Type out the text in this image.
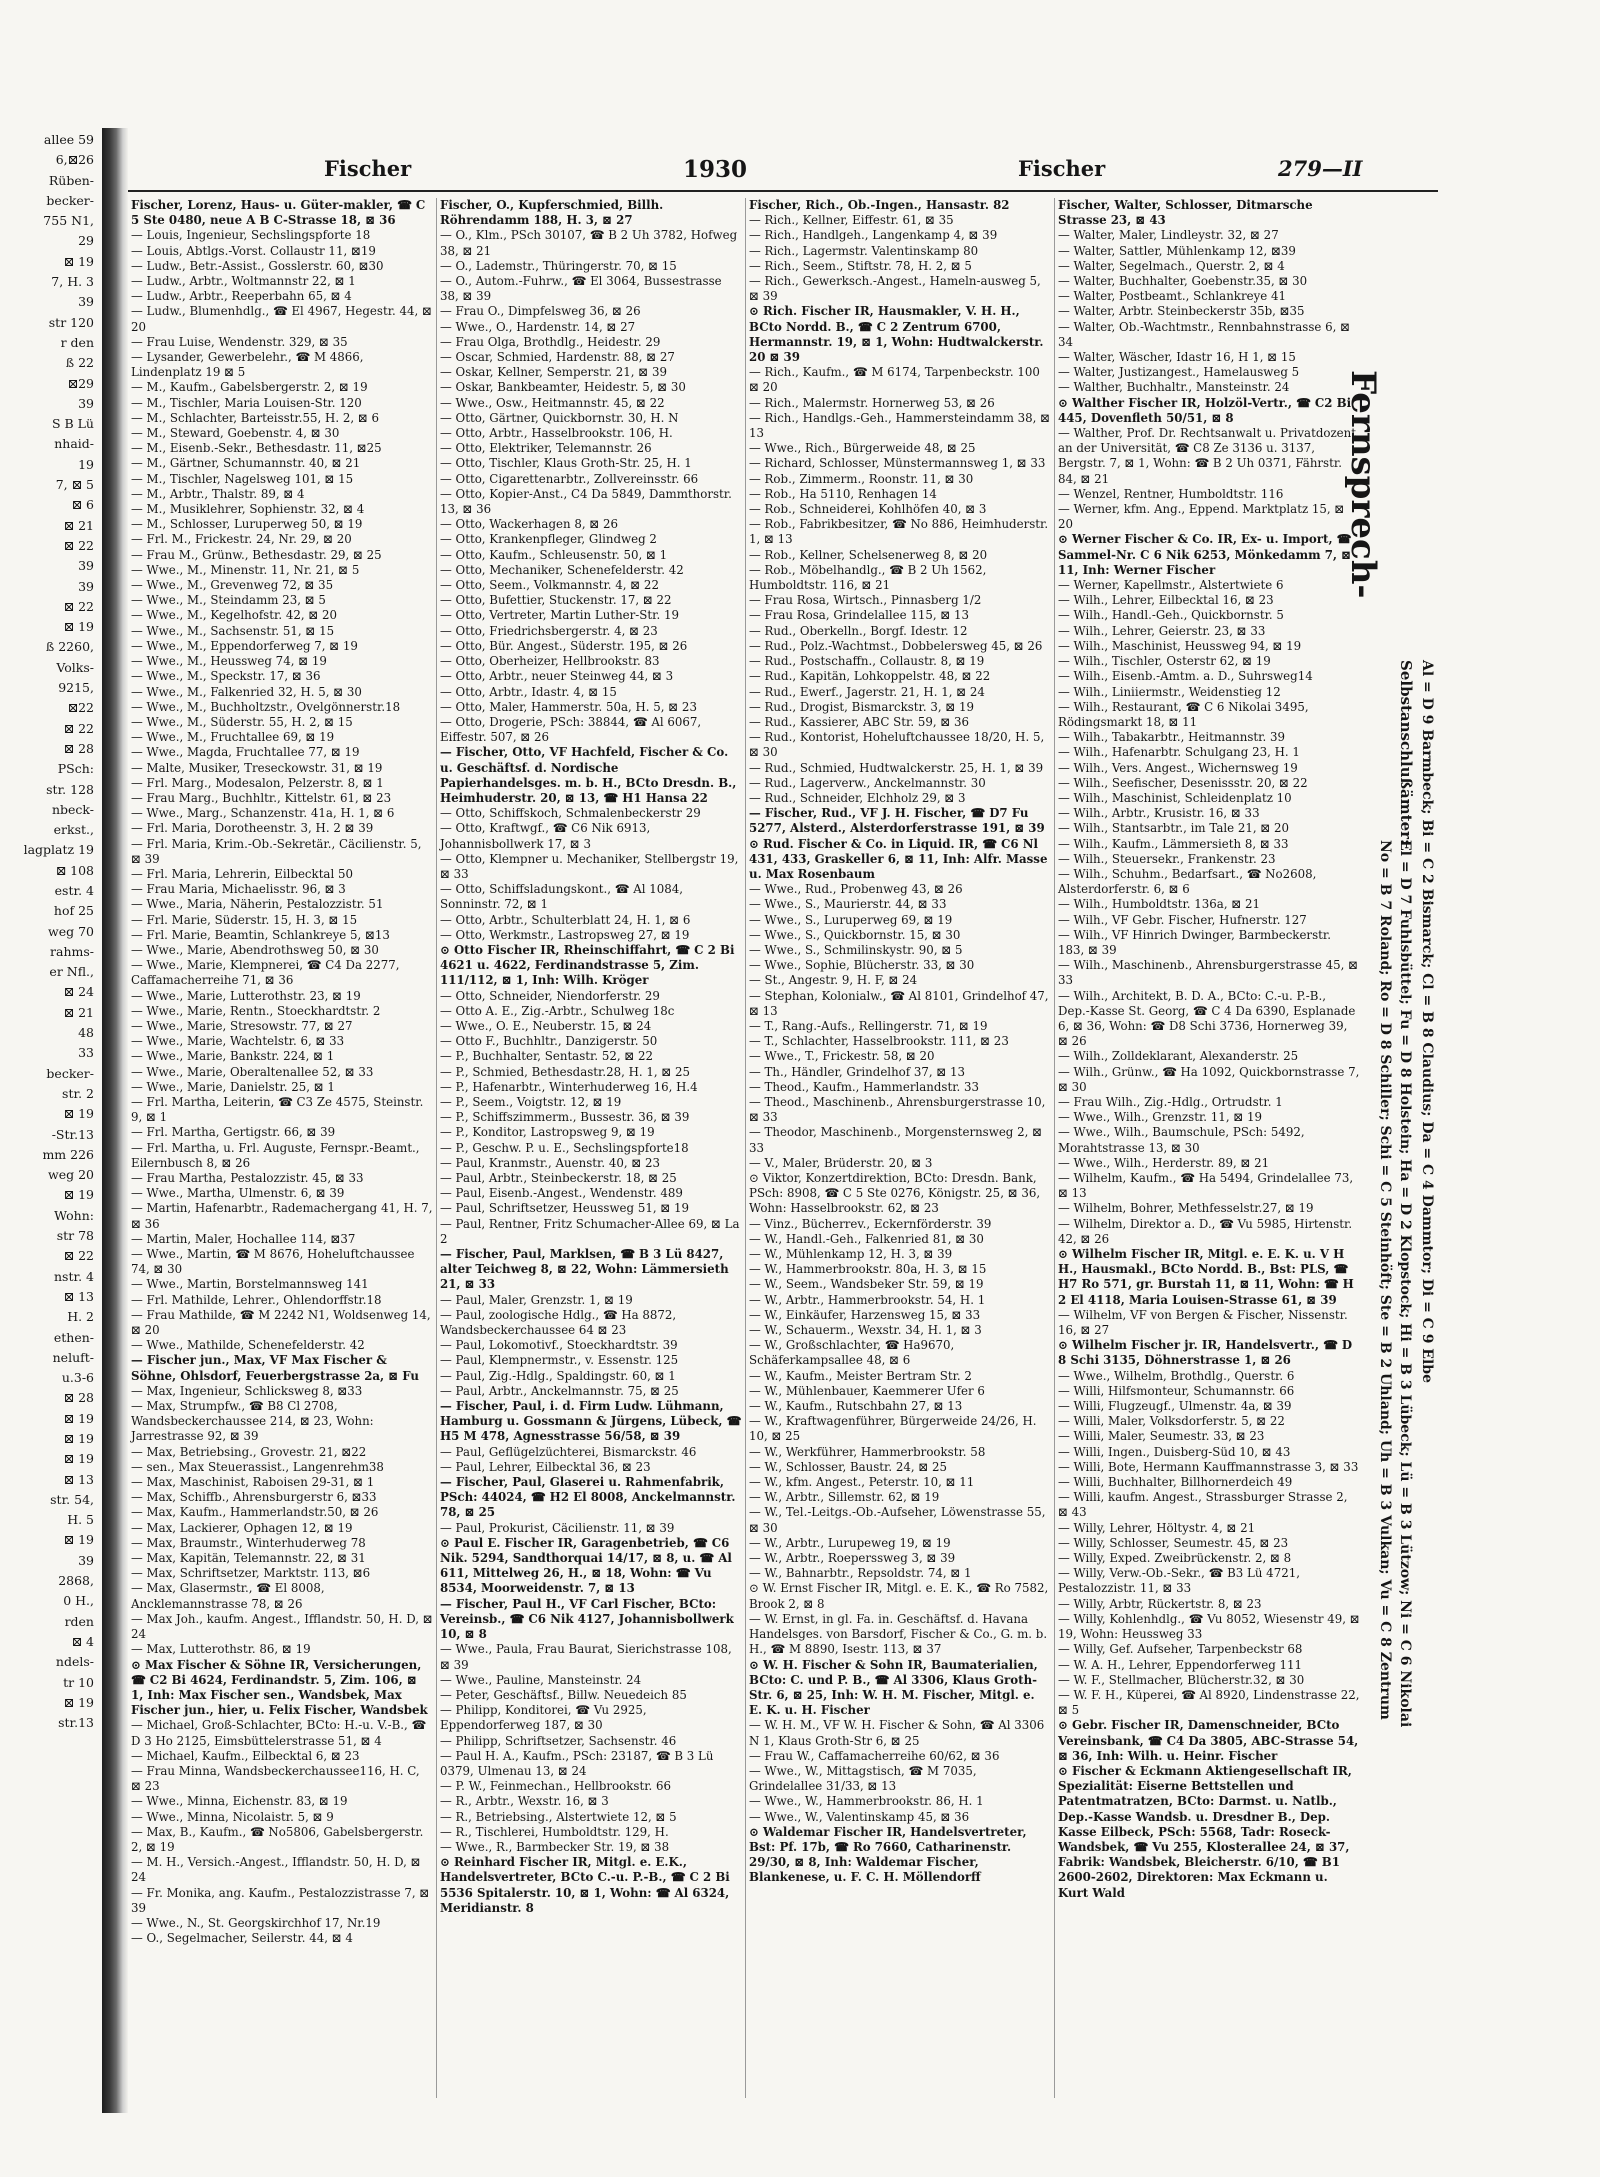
allee 59
6,⊠26
Rüben-
becker-
755 N1,
29
⊠ 19
7, H. 3
39
str 120
r den
ß 22
⊠29
39
S B Lü
nhaid-
19
7, ⊠ 5
⊠ 6
⊠ 21
⊠ 22
39
39
⊠ 22
⊠ 19
ß 2260,
Volks-
9215,
⊠22
⊠ 22
⊠ 28
PSch:
str. 128
nbeck-
erkst.,
lagplatz 19
⊠ 108
estr. 4
hof 25
weg 70
rahms-
er Nfl.,
⊠ 24
⊠ 21
48
33
becker-
str. 2
⊠ 19
-Str.13
mm 226
weg 20
⊠ 19
Wohn:
str 78
⊠ 22
nstr. 4
⊠ 13
H. 2
ethen-
neluft-
u.3-6
⊠ 28
⊠ 19
⊠ 19
⊠ 19
⊠ 13
str. 54,
H. 5
⊠ 19
39
2868,
0 H.,
rden
⊠ 4
ndels-
tr 10
⊠ 19
str.13
Fischer	1930	Fischer	279—II

Fischer, Lorenz, Haus- u. Güter-makler, ☎ C 5 Ste 0480, neue A B C-Strasse 18, ⊠ 36

— Louis, Ingenieur, Sechslingspforte 18

— Louis, Abtlgs.-Vorst. Collaustr 11, ⊠19

— Ludw., Betr.-Assist., Gosslerstr. 60, ⊠30

— Ludw., Arbtr., Woltmannstr 22, ⊠ 1

— Ludw., Arbtr., Reeperbahn 65, ⊠ 4

— Ludw., Blumenhdlg., ☎ El 4967, Hegestr. 44, ⊠ 20

— Frau Luise, Wendenstr. 329, ⊠ 35

— Lysander, Gewerbelehr., ☎ M 4866, Lindenplatz 19 ⊠ 5

— M., Kaufm., Gabelsbergerstr. 2, ⊠ 19

— M., Tischler, Maria Louisen-Str. 120

— M., Schlachter, Barteisstr.55, H. 2, ⊠ 6

— M., Steward, Goebenstr. 4, ⊠ 30

— M., Eisenb.-Sekr., Bethesdastr. 11, ⊠25

— M., Gärtner, Schumannstr. 40, ⊠ 21

— M., Tischler, Nagelsweg 101, ⊠ 15

— M., Arbtr., Thalstr. 89, ⊠ 4

— M., Musiklehrer, Sophienstr. 32, ⊠ 4

— M., Schlosser, Luruperweg 50, ⊠ 19

— Frl. M., Frickestr. 24, Nr. 29, ⊠ 20

— Frau M., Grünw., Bethesdastr. 29, ⊠ 25

— Wwe., M., Minenstr. 11, Nr. 21, ⊠ 5

— Wwe., M., Grevenweg 72, ⊠ 35

— Wwe., M., Steindamm 23, ⊠ 5

— Wwe., M., Kegelhofstr. 42, ⊠ 20

— Wwe., M., Sachsenstr. 51, ⊠ 15

— Wwe., M., Eppendorferweg 7, ⊠ 19

— Wwe., M., Heussweg 74, ⊠ 19

— Wwe., M., Speckstr. 17, ⊠ 36

— Wwe., M., Falkenried 32, H. 5, ⊠ 30

— Wwe., M., Buchholtzstr., Ovelgönnerstr.18

— Wwe., M., Süderstr. 55, H. 2, ⊠ 15

— Wwe., M., Fruchtallee 69, ⊠ 19

— Wwe., Magda, Fruchtallee 77, ⊠ 19

— Malte, Musiker, Treseckowstr. 31, ⊠ 19

— Frl. Marg., Modesalon, Pelzerstr. 8, ⊠ 1

— Frau Marg., Buchhltr., Kittelstr. 61, ⊠ 23

— Wwe., Marg., Schanzenstr. 41a, H. 1, ⊠ 6

— Frl. Maria, Dorotheenstr. 3, H. 2 ⊠ 39

— Frl. Maria, Krim.-Ob.-Sekretär., Cäcilienstr. 5, ⊠ 39

— Frl. Maria, Lehrerin, Eilbecktal 50

— Frau Maria, Michaelisstr. 96, ⊠ 3

— Wwe., Maria, Näherin, Pestalozzistr. 51

— Frl. Marie, Süderstr. 15, H. 3, ⊠ 15

— Frl. Marie, Beamtin, Schlankreye 5, ⊠13

— Wwe., Marie, Abendrothsweg 50, ⊠ 30

— Wwe., Marie, Klempnerei, ☎ C4 Da 2277, Caffamacherreihe 71, ⊠ 36

— Wwe., Marie, Lutterothstr. 23, ⊠ 19

— Wwe., Marie, Rentn., Stoeckhardtstr. 2

— Wwe., Marie, Stresowstr. 77, ⊠ 27

— Wwe., Marie, Wachtelstr. 6, ⊠ 33

— Wwe., Marie, Bankstr. 224, ⊠ 1

— Wwe., Marie, Oberaltenallee 52, ⊠ 33

— Wwe., Marie, Danielstr. 25, ⊠ 1

— Frl. Martha, Leiterin, ☎ C3 Ze 4575, Steinstr. 9, ⊠ 1

— Frl. Martha, Gertigstr. 66, ⊠ 39

— Frl. Martha, u. Frl. Auguste, Fernspr.-Beamt., Eilernbusch 8, ⊠ 26

— Frau Martha, Pestalozzistr. 45, ⊠ 33

— Wwe., Martha, Ulmenstr. 6, ⊠ 39

— Martin, Hafenarbtr., Rademachergang 41, H. 7, ⊠ 36

— Martin, Maler, Hochallee 114, ⊠37

— Wwe., Martin, ☎ M 8676, Hoheluftchaussee 74, ⊠ 30

— Wwe., Martin, Borstelmannsweg 141

— Frl. Mathilde, Lehrer., Ohlendorffstr.18

— Frau Mathilde, ☎ M 2242 N1, Woldsenweg 14, ⊠ 20

— Wwe., Mathilde, Schenefelderstr. 42

— Fischer jun., Max, VF Max Fischer & Söhne, Ohlsdorf, Feuerbergstrasse 2a, ⊠ Fu

— Max, Ingenieur, Schlicksweg 8, ⊠33

— Max, Strumpfw., ☎ B8 Cl 2708, Wandsbeckerchaussee 214, ⊠ 23, Wohn: Jarrestrasse 92, ⊠ 39

— Max, Betriebsing., Grovestr. 21, ⊠22

— sen., Max Steuerassist., Langenrehm38

— Max, Maschinist, Raboisen 29-31, ⊠ 1

— Max, Schiffb., Ahrensburgerstr 6, ⊠33

— Max, Kaufm., Hammerlandstr.50, ⊠ 26

— Max, Lackierer, Ophagen 12, ⊠ 19

— Max, Braumstr., Winterhuderweg 78

— Max, Kapitän, Telemannstr. 22, ⊠ 31

— Max, Schriftsetzer, Marktstr. 113, ⊠6

— Max, Glasermstr., ☎ El 8008, Ancklemannstrasse 78, ⊠ 26

— Max Joh., kaufm. Angest., Ifflandstr. 50, H. D, ⊠ 24

— Max, Lutterothstr. 86, ⊠ 19

⊙ Max Fischer & Söhne IR, Versicherungen, ☎ C2 Bi 4624, Ferdinandstr. 5, Zim. 106, ⊠ 1, Inh: Max Fischer sen., Wandsbek, Max Fischer jun., hier, u. Felix Fischer, Wandsbek

— Michael, Groß-Schlachter, BCto: H.-u. V.-B., ☎ D 3 Ho 2125, Eimsbüttelerstrasse 51, ⊠ 4

— Michael, Kaufm., Eilbecktal 6, ⊠ 23

— Frau Minna, Wandsbeckerchaussee116, H. C, ⊠ 23

— Wwe., Minna, Eichenstr. 83, ⊠ 19

— Wwe., Minna, Nicolaistr. 5, ⊠ 9

— Max, B., Kaufm., ☎ No5806, Gabelsbergerstr. 2, ⊠ 19

— M. H., Versich.-Angest., Ifflandstr. 50, H. D, ⊠ 24

— Fr. Monika, ang. Kaufm., Pestalozzistrasse 7, ⊠ 39

— Wwe., N., St. Georgskirchhof 17, Nr.19

— O., Segelmacher, Seilerstr. 44, ⊠ 4

Fischer, O., Kupferschmied, Billh. Röhrendamm 188, H. 3, ⊠ 27

— O., Klm., PSch 30107, ☎ B 2 Uh 3782, Hofweg 38, ⊠ 21

— O., Lademstr., Thüringerstr. 70, ⊠ 15

— O., Autom.-Fuhrw., ☎ El 3064, Bussestrasse 38, ⊠ 39

— Frau O., Dimpfelsweg 36, ⊠ 26

— Wwe., O., Hardenstr. 14, ⊠ 27

— Frau Olga, Brothdlg., Heidestr. 29

— Oscar, Schmied, Hardenstr. 88, ⊠ 27

— Oskar, Kellner, Semperstr. 21, ⊠ 39

— Oskar, Bankbeamter, Heidestr. 5, ⊠ 30

— Wwe., Osw., Heitmannstr. 45, ⊠ 22

— Otto, Gärtner, Quickbornstr. 30, H. N

— Otto, Arbtr., Hasselbrookstr. 106, H.

— Otto, Elektriker, Telemannstr. 26

— Otto, Tischler, Klaus Groth-Str. 25, H. 1

— Otto, Cigarettenarbtr., Zollvereinsstr. 66

— Otto, Kopier-Anst., C4 Da 5849, Dammthorstr. 13, ⊠ 36

— Otto, Wackerhagen 8, ⊠ 26

— Otto, Krankenpfleger, Glindweg 2

— Otto, Kaufm., Schleusenstr. 50, ⊠ 1

— Otto, Mechaniker, Schenefelderstr. 42

— Otto, Seem., Volkmannstr. 4, ⊠ 22

— Otto, Bufettier, Stuckenstr. 17, ⊠ 22

— Otto, Vertreter, Martin Luther-Str. 19

— Otto, Friedrichsbergerstr. 4, ⊠ 23

— Otto, Bür. Angest., Süderstr. 195, ⊠ 26

— Otto, Oberheizer, Hellbrookstr. 83

— Otto, Arbtr., neuer Steinweg 44, ⊠ 3

— Otto, Arbtr., Idastr. 4, ⊠ 15

— Otto, Maler, Hammerstr. 50a, H. 5, ⊠ 23

— Otto, Drogerie, PSch: 38844, ☎ Al 6067, Eiffestr. 507, ⊠ 26

— Fischer, Otto, VF Hachfeld, Fischer & Co. u. Geschäftsf. d. Nordische Papierhandelsges. m. b. H., BCto Dresdn. B., Heimhuderstr. 20, ⊠ 13, ☎ H1 Hansa 22

— Otto, Schiffskoch, Schmalenbeckerstr 29

— Otto, Kraftwgf., ☎ C6 Nik 6913, Johannisbollwerk 17, ⊠ 3

— Otto, Klempner u. Mechaniker, Stellbergstr 19, ⊠ 33

— Otto, Schiffsladungskont., ☎ Al 1084, Sonninstr. 72, ⊠ 1

— Otto, Arbtr., Schulterblatt 24, H. 1, ⊠ 6

— Otto, Werkmstr., Lastropsweg 27, ⊠ 19

⊙ Otto Fischer IR, Rheinschiffahrt, ☎ C 2 Bi 4621 u. 4622, Ferdinandstrasse 5, Zim. 111/112, ⊠ 1, Inh: Wilh. Kröger

— Otto, Schneider, Niendorferstr. 29

— Otto A. E., Zig.-Arbtr., Schulweg 18c

— Wwe., O. E., Neuberstr. 15, ⊠ 24

— Otto F., Buchhltr., Danzigerstr. 50

— P., Buchhalter, Sentastr. 52, ⊠ 22

— P., Schmied, Bethesdastr.28, H. 1, ⊠ 25

— P., Hafenarbtr., Winterhuderweg 16, H.4

— P., Seem., Voigtstr. 12, ⊠ 19

— P., Schiffszimmerm., Bussestr. 36, ⊠ 39

— P., Konditor, Lastropsweg 9, ⊠ 19

— P., Geschw. P. u. E., Sechslingspforte18

— Paul, Kranmstr., Auenstr. 40, ⊠ 23

— Paul, Arbtr., Steinbeckerstr. 18, ⊠ 25

— Paul, Eisenb.-Angest., Wendenstr. 489

— Paul, Schriftsetzer, Heussweg 51, ⊠ 19

— Paul, Rentner, Fritz Schumacher-Allee 69, ⊠ La 2

— Fischer, Paul, Marklsen, ☎ B 3 Lü 8427, alter Teichweg 8, ⊠ 22, Wohn: Lämmersieth 21, ⊠ 33

— Paul, Maler, Grenzstr. 1, ⊠ 19

— Paul, zoologische Hdlg., ☎ Ha 8872, Wandsbeckerchaussee 64 ⊠ 23

— Paul, Lokomotivf., Stoeckhardtstr. 39

— Paul, Klempnermstr., v. Essenstr. 125

— Paul, Zig.-Hdlg., Spaldingstr. 60, ⊠ 1

— Paul, Arbtr., Anckelmannstr. 75, ⊠ 25

— Fischer, Paul, i. d. Firm Ludw. Lühmann, Hamburg u. Gossmann & Jürgens, Lübeck, ☎ H5 M 478, Agnesstrasse 56/58, ⊠ 39

— Paul, Geflügelzüchterei, Bismarckstr. 46

— Paul, Lehrer, Eilbecktal 36, ⊠ 23

— Fischer, Paul, Glaserei u. Rahmenfabrik, PSch: 44024, ☎ H2 El 8008, Anckelmannstr. 78, ⊠ 25

— Paul, Prokurist, Cäcilienstr. 11, ⊠ 39

⊙ Paul E. Fischer IR, Garagenbetrieb, ☎ C6 Nik. 5294, Sandthorquai 14/17, ⊠ 8, u. ☎ Al 611, Mittelweg 26, H., ⊠ 18, Wohn: ☎ Vu 8534, Moorweidenstr. 7, ⊠ 13

— Fischer, Paul H., VF Carl Fischer, BCto: Vereinsb., ☎ C6 Nik 4127, Johannisbollwerk 10, ⊠ 8

— Wwe., Paula, Frau Baurat, Sierichstrasse 108, ⊠ 39

— Wwe., Pauline, Mansteinstr. 24

— Peter, Geschäftsf., Billw. Neuedeich 85

— Philipp, Konditorei, ☎ Vu 2925, Eppendorferweg 187, ⊠ 30

— Philipp, Schriftsetzer, Sachsenstr. 46

— Paul H. A., Kaufm., PSch: 23187, ☎ B 3 Lü 0379, Ulmenau 13, ⊠ 24

— P. W., Feinmechan., Hellbrookstr. 66

— R., Arbtr., Wexstr. 16, ⊠ 3

— R., Betriebsing., Alstertwiete 12, ⊠ 5

— R., Tischlerei, Humboldtstr. 129, H.

— Wwe., R., Barmbecker Str. 19, ⊠ 38

⊙ Reinhard Fischer IR, Mitgl. e. E.K., Handelsvertreter, BCto C.-u. P.-B., ☎ C 2 Bi 5536 Spitalerstr. 10, ⊠ 1, Wohn: ☎ Al 6324, Meridianstr. 8

Fischer, Rich., Ob.-Ingen., Hansastr. 82

— Rich., Kellner, Eiffestr. 61, ⊠ 35

— Rich., Handlgeh., Langenkamp 4, ⊠ 39

— Rich., Lagermstr. Valentinskamp 80

— Rich., Seem., Stiftstr. 78, H. 2, ⊠ 5

— Rich., Gewerksch.-Angest., Hameln-ausweg 5, ⊠ 39

⊙ Rich. Fischer IR, Hausmakler, V. H. H., BCto Nordd. B., ☎ C 2 Zentrum 6700, Hermannstr. 19, ⊠ 1, Wohn: Hudtwalckerstr. 20 ⊠ 39

— Rich., Kaufm., ☎ M 6174, Tarpenbeckstr. 100 ⊠ 20

— Rich., Malermstr. Hornerweg 53, ⊠ 26

— Rich., Handlgs.-Geh., Hammersteindamm 38, ⊠ 13

— Wwe., Rich., Bürgerweide 48, ⊠ 25

— Richard, Schlosser, Münstermannsweg 1, ⊠ 33

— Rob., Zimmerm., Roonstr. 11, ⊠ 30

— Rob., Ha 5110, Renhagen 14

— Rob., Schneiderei, Kohlhöfen 40, ⊠ 3

— Rob., Fabrikbesitzer, ☎ No 886, Heimhuderstr. 1, ⊠ 13

— Rob., Kellner, Schelsenerweg 8, ⊠ 20

— Rob., Möbelhandlg., ☎ B 2 Uh 1562, Humboldtstr. 116, ⊠ 21

— Frau Rosa, Wirtsch., Pinnasberg 1/2

— Frau Rosa, Grindelallee 115, ⊠ 13

— Rud., Oberkelln., Borgf. Idestr. 12

— Rud., Polz.-Wachtmst., Dobbelersweg 45, ⊠ 26

— Rud., Postschaffn., Collaustr. 8, ⊠ 19

— Rud., Kapitän, Lohkoppelstr. 48, ⊠ 22

— Rud., Ewerf., Jagerstr. 21, H. 1, ⊠ 24

— Rud., Drogist, Bismarckstr. 3, ⊠ 19

— Rud., Kassierer, ABC Str. 59, ⊠ 36

— Rud., Kontorist, Hoheluftchaussee 18/20, H. 5, ⊠ 30

— Rud., Schmied, Hudtwalckerstr. 25, H. 1, ⊠ 39

— Rud., Lagerverw., Anckelmannstr. 30

— Rud., Schneider, Elchholz 29, ⊠ 3

— Fischer, Rud., VF J. H. Fischer, ☎ D7 Fu 5277, Alsterd., Alsterdorferstrasse 191, ⊠ 39

⊙ Rud. Fischer & Co. in Liquid. IR, ☎ C6 Nl 431, 433, Graskeller 6, ⊠ 11, Inh: Alfr. Masse u. Max Rosenbaum

— Wwe., Rud., Probenweg 43, ⊠ 26

— Wwe., S., Maurierstr. 44, ⊠ 33

— Wwe., S., Luruperweg 69, ⊠ 19

— Wwe., S., Quickbornstr. 15, ⊠ 30

— Wwe., S., Schmilinskystr. 90, ⊠ 5

— Wwe., Sophie, Blücherstr. 33, ⊠ 30

— St., Angestr. 9, H. F, ⊠ 24

— Stephan, Kolonialw., ☎ Al 8101, Grindelhof 47, ⊠ 13

— T., Rang.-Aufs., Rellingerstr. 71, ⊠ 19

— T., Schlachter, Hasselbrookstr. 111, ⊠ 23

— Wwe., T., Frickestr. 58, ⊠ 20

— Th., Händler, Grindelhof 37, ⊠ 13

— Theod., Kaufm., Hammerlandstr. 33

— Theod., Maschinenb., Ahrensburgerstrasse 10, ⊠ 33

— Theodor, Maschinenb., Morgensternsweg 2, ⊠ 33

— V., Maler, Brüderstr. 20, ⊠ 3

⊙ Viktor, Konzertdirektion, BCto: Dresdn. Bank, PSch: 8908, ☎ C 5 Ste 0276, Königstr. 25, ⊠ 36, Wohn: Hasselbrookstr. 62, ⊠ 23

— Vinz., Bücherrev., Eckernförderstr. 39

— W., Handl.-Geh., Falkenried 81, ⊠ 30

— W., Mühlenkamp 12, H. 3, ⊠ 39

— W., Hammerbrookstr. 80a, H. 3, ⊠ 15

— W., Seem., Wandsbeker Str. 59, ⊠ 19

— W., Arbtr., Hammerbrookstr. 54, H. 1

— W., Einkäufer, Harzensweg 15, ⊠ 33

— W., Schauerm., Wexstr. 34, H. 1, ⊠ 3

— W., Großschlachter, ☎ Ha9670, Schäferkampsallee 48, ⊠ 6

— W., Kaufm., Meister Bertram Str. 2

— W., Mühlenbauer, Kaemmerer Ufer 6

— W., Kaufm., Rutschbahn 27, ⊠ 13

— W., Kraftwagenführer, Bürgerweide 24/26, H. 10, ⊠ 25

— W., Werkführer, Hammerbrookstr. 58

— W., Schlosser, Baustr. 24, ⊠ 25

— W., kfm. Angest., Peterstr. 10, ⊠ 11

— W., Arbtr., Sillemstr. 62, ⊠ 19

— W., Tel.-Leitgs.-Ob.-Aufseher, Löwenstrasse 55, ⊠ 30

— W., Arbtr., Lurupeweg 19, ⊠ 19

— W., Arbtr., Roeperssweg 3, ⊠ 39

— W., Bahnarbtr., Repsoldstr. 74, ⊠ 1

⊙ W. Ernst Fischer IR, Mitgl. e. E. K., ☎ Ro 7582, Brook 2, ⊠ 8

— W. Ernst, in gl. Fa. in. Geschäftsf. d. Havana Handelsges. von Barsdorf, Fischer & Co., G. m. b. H., ☎ M 8890, Isestr. 113, ⊠ 37

⊙ W. H. Fischer & Sohn IR, Baumaterialien, BCto: C. und P. B., ☎ Al 3306, Klaus Groth-Str. 6, ⊠ 25, Inh: W. H. M. Fischer, Mitgl. e. E. K. u. H. Fischer

— W. H. M., VF W. H. Fischer & Sohn, ☎ Al 3306 N 1, Klaus Groth-Str 6, ⊠ 25

— Frau W., Caffamacherreihe 60/62, ⊠ 36

— Wwe., W., Mittagstisch, ☎ M 7035, Grindelallee 31/33, ⊠ 13

— Wwe., W., Hammerbrookstr. 86, H. 1

— Wwe., W., Valentinskamp 45, ⊠ 36

⊙ Waldemar Fischer IR, Handelsvertreter, Bst: Pf. 17b, ☎ Ro 7660, Catharinenstr. 29/30, ⊠ 8, Inh: Waldemar Fischer, Blankenese, u. F. C. H. Möllendorff

Fischer, Walter, Schlosser, Ditmarsche Strasse 23, ⊠ 43

— Walter, Maler, Lindleystr. 32, ⊠ 27

— Walter, Sattler, Mühlenkamp 12, ⊠39

— Walter, Segelmach., Querstr. 2, ⊠ 4

— Walter, Buchhalter, Goebenstr.35, ⊠ 30

— Walter, Postbeamt., Schlankreye 41

— Walter, Arbtr. Steinbeckerstr 35b, ⊠35

— Walter, Ob.-Wachtmstr., Rennbahnstrasse 6, ⊠ 34

— Walter, Wäscher, Idastr 16, H 1, ⊠ 15

— Walter, Justizangest., Hamelausweg 5

— Walther, Buchhaltr., Mansteinstr. 24

⊙ Walther Fischer IR, Holzöl-Vertr., ☎ C2 Bi 445, Dovenfleth 50/51, ⊠ 8

— Walther, Prof. Dr. Rechtsanwalt u. Privatdozent an der Universität, ☎ C8 Ze 3136 u. 3137, Bergstr. 7, ⊠ 1, Wohn: ☎ B 2 Uh 0371, Fährstr. 84, ⊠ 21

— Wenzel, Rentner, Humboldtstr. 116

— Werner, kfm. Ang., Eppend. Marktplatz 15, ⊠ 20

⊙ Werner Fischer & Co. IR, Ex- u. Import, ☎ Sammel-Nr. C 6 Nik 6253, Mönkedamm 7, ⊠ 11, Inh: Werner Fischer

— Werner, Kapellmstr., Alstertwiete 6

— Wilh., Lehrer, Eilbecktal 16, ⊠ 23

— Wilh., Handl.-Geh., Quickbornstr. 5

— Wilh., Lehrer, Geierstr. 23, ⊠ 33

— Wilh., Maschinist, Heussweg 94, ⊠ 19

— Wilh., Tischler, Osterstr 62, ⊠ 19

— Wilh., Eisenb.-Amtm. a. D., Suhrsweg14

— Wilh., Liniiermstr., Weidenstieg 12

— Wilh., Restaurant, ☎ C 6 Nikolai 3495, Rödingsmarkt 18, ⊠ 11

— Wilh., Tabakarbtr., Heitmannstr. 39

— Wilh., Hafenarbtr. Schulgang 23, H. 1

— Wilh., Vers. Angest., Wichernsweg 19

— Wilh., Seefischer, Desenissstr. 20, ⊠ 22

— Wilh., Maschinist, Schleidenplatz 10

— Wilh., Arbtr., Krusistr. 16, ⊠ 33

— Wilh., Stantsarbtr., im Tale 21, ⊠ 20

— Wilh., Kaufm., Lämmersieth 8, ⊠ 33

— Wilh., Steuersekr., Frankenstr. 23

— Wilh., Schuhm., Bedarfsart., ☎ No2608, Alsterdorferstr. 6, ⊠ 6

— Wilh., Humboldtstr. 136a, ⊠ 21

— Wilh., VF Gebr. Fischer, Hufnerstr. 127

— Wilh., VF Hinrich Dwinger, Barmbeckerstr. 183, ⊠ 39

— Wilh., Maschinenb., Ahrensburgerstrasse 45, ⊠ 33

— Wilh., Architekt, B. D. A., BCto: C.-u. P.-B., Dep.-Kasse St. Georg, ☎ C 4 Da 6390, Esplanade 6, ⊠ 36, Wohn: ☎ D8 Schi 3736, Hornerweg 39, ⊠ 26

— Wilh., Zolldeklarant, Alexanderstr. 25

— Wilh., Grünw., ☎ Ha 1092, Quickbornstrasse 7, ⊠ 30

— Frau Wilh., Zig.-Hdlg., Ortrudstr. 1

— Wwe., Wilh., Grenzstr. 11, ⊠ 19

— Wwe., Wilh., Baumschule, PSch: 5492, Morahtstrasse 13, ⊠ 30

— Wwe., Wilh., Herderstr. 89, ⊠ 21

— Wilhelm, Kaufm., ☎ Ha 5494, Grindelallee 73, ⊠ 13

— Wilhelm, Bohrer, Methfesselstr.27, ⊠ 19

— Wilhelm, Direktor a. D., ☎ Vu 5985, Hirtenstr. 42, ⊠ 26

⊙ Wilhelm Fischer IR, Mitgl. e. E. K. u. V H H., Hausmakl., BCto Nordd. B., Bst: PLS, ☎ H7 Ro 571, gr. Burstah 11, ⊠ 11, Wohn: ☎ H 2 El 4118, Maria Louisen-Strasse 61, ⊠ 39

— Wilhelm, VF von Bergen & Fischer, Nissenstr. 16, ⊠ 27

⊙ Wilhelm Fischer jr. IR, Handelsvertr., ☎ D 8 Schi 3135, Döhnerstrasse 1, ⊠ 26

— Wwe., Wilhelm, Brothdlg., Querstr. 6

— Willi, Hilfsmonteur, Schumannstr. 66

— Willi, Flugzeugf., Ulmenstr. 4a, ⊠ 39

— Willi, Maler, Volksdorferstr. 5, ⊠ 22

— Willi, Maler, Seumestr. 33, ⊠ 23

— Willi, Ingen., Duisberg-Süd 10, ⊠ 43

— Willi, Bote, Hermann Kauffmannstrasse 3, ⊠ 33

— Willi, Buchhalter, Billhornerdeich 49

— Willi, kaufm. Angest., Strassburger Strasse 2, ⊠ 43

— Willy, Lehrer, Höltystr. 4, ⊠ 21

— Willy, Schlosser, Seumestr. 45, ⊠ 23

— Willy, Exped. Zweibrückenstr. 2, ⊠ 8

— Willy, Verw.-Ob.-Sekr., ☎ B3 Lü 4721, Pestalozzistr. 11, ⊠ 33

— Willy, Arbtr, Rückertstr. 8, ⊠ 23

— Willy, Kohlenhdlg., ☎ Vu 8052, Wiesenstr 49, ⊠ 19, Wohn: Heussweg 33

— Willy, Gef. Aufseher, Tarpenbeckstr 68

— W. A. H., Lehrer, Eppendorferweg 111

— W. F., Stellmacher, Blücherstr.32, ⊠ 30

— W. F. H., Küperei, ☎ Al 8920, Lindenstrasse 22, ⊠ 5

⊙ Gebr. Fischer IR, Damenschneider, BCto Vereinsbank, ☎ C4 Da 3805, ABC-Strasse 54, ⊠ 36, Inh: Wilh. u. Heinr. Fischer

⊙ Fischer & Eckmann Aktiengesellschaft IR, Spezialität: Eiserne Bettstellen und Patentmatratzen, BCto: Darmst. u. Natlb., Dep.-Kasse Wandsb. u. Dresdner B., Dep. Kasse Eilbeck, PSch: 5568, Tadr: Roseck-Wandsbek, ☎ Vu 255, Klosterallee 24, ⊠ 37, Fabrik: Wandsbek, Bleicherstr. 6/10, ☎ B1 2600-2602, Direktoren: Max Eckmann u. Kurt Wald

Fernsprech-
Selbstanschlußämter: Al = D 9 Barmbeck; Bi = C 2 Bismarck; Cl = B 8 Claudius; Da = C 4 Dammtor; Di = C 9 Elbe
El = D 7 Fuhlsbüttel; Fu = D 8 Holstein; Ha = D 2 Klopstock; Hi = B 3 Lübeck; Lü = B 3 Lützow; Ni = C 6 Nikolai
No = B 7 Roland; Ro = D 8 Schiller; Schi = C 5 Steinhöft; Ste = B 2 Uhland; Uh = B 3 Vulkan; Vu = C 8 Zentrum
